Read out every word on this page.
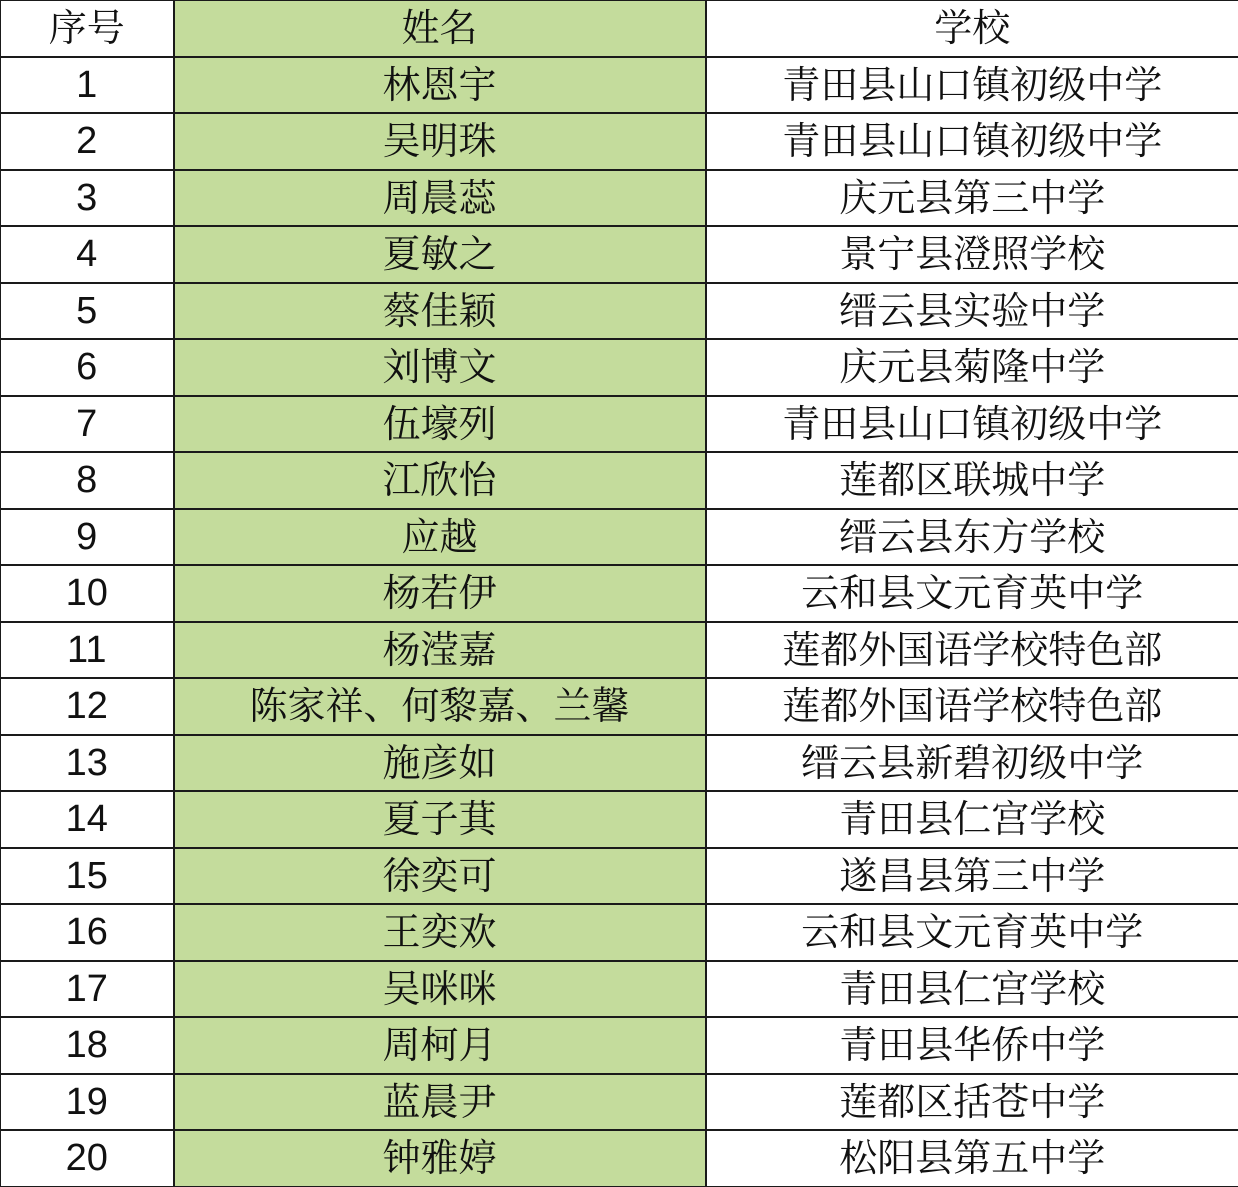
序号	姓名	学校
1	林恩宇	青田县山口镇初级中学
2	吴明珠	青田县山口镇初级中学
3	周晨蕊	庆元县第三中学
4	夏敏之	景宁县澄照学校
5	蔡佳颖	缙云县实验中学
6	刘博文	庆元县菊隆中学
7	伍壕列	青田县山口镇初级中学
8	江欣怡	莲都区联城中学
9	应越	缙云县东方学校
10	杨若伊	云和县文元育英中学
11	杨滢嘉	莲都外国语学校特色部
12	陈家祥、何黎嘉、兰馨	莲都外国语学校特色部
13	施彦如	缙云县新碧初级中学
14	夏子萁	青田县仁宫学校
15	徐奕可	遂昌县第三中学
16	王奕欢	云和县文元育英中学
17	吴咪咪	青田县仁宫学校
18	周柯月	青田县华侨中学
19	蓝晨尹	莲都区括苍中学
20	钟雅婷	松阳县第五中学
